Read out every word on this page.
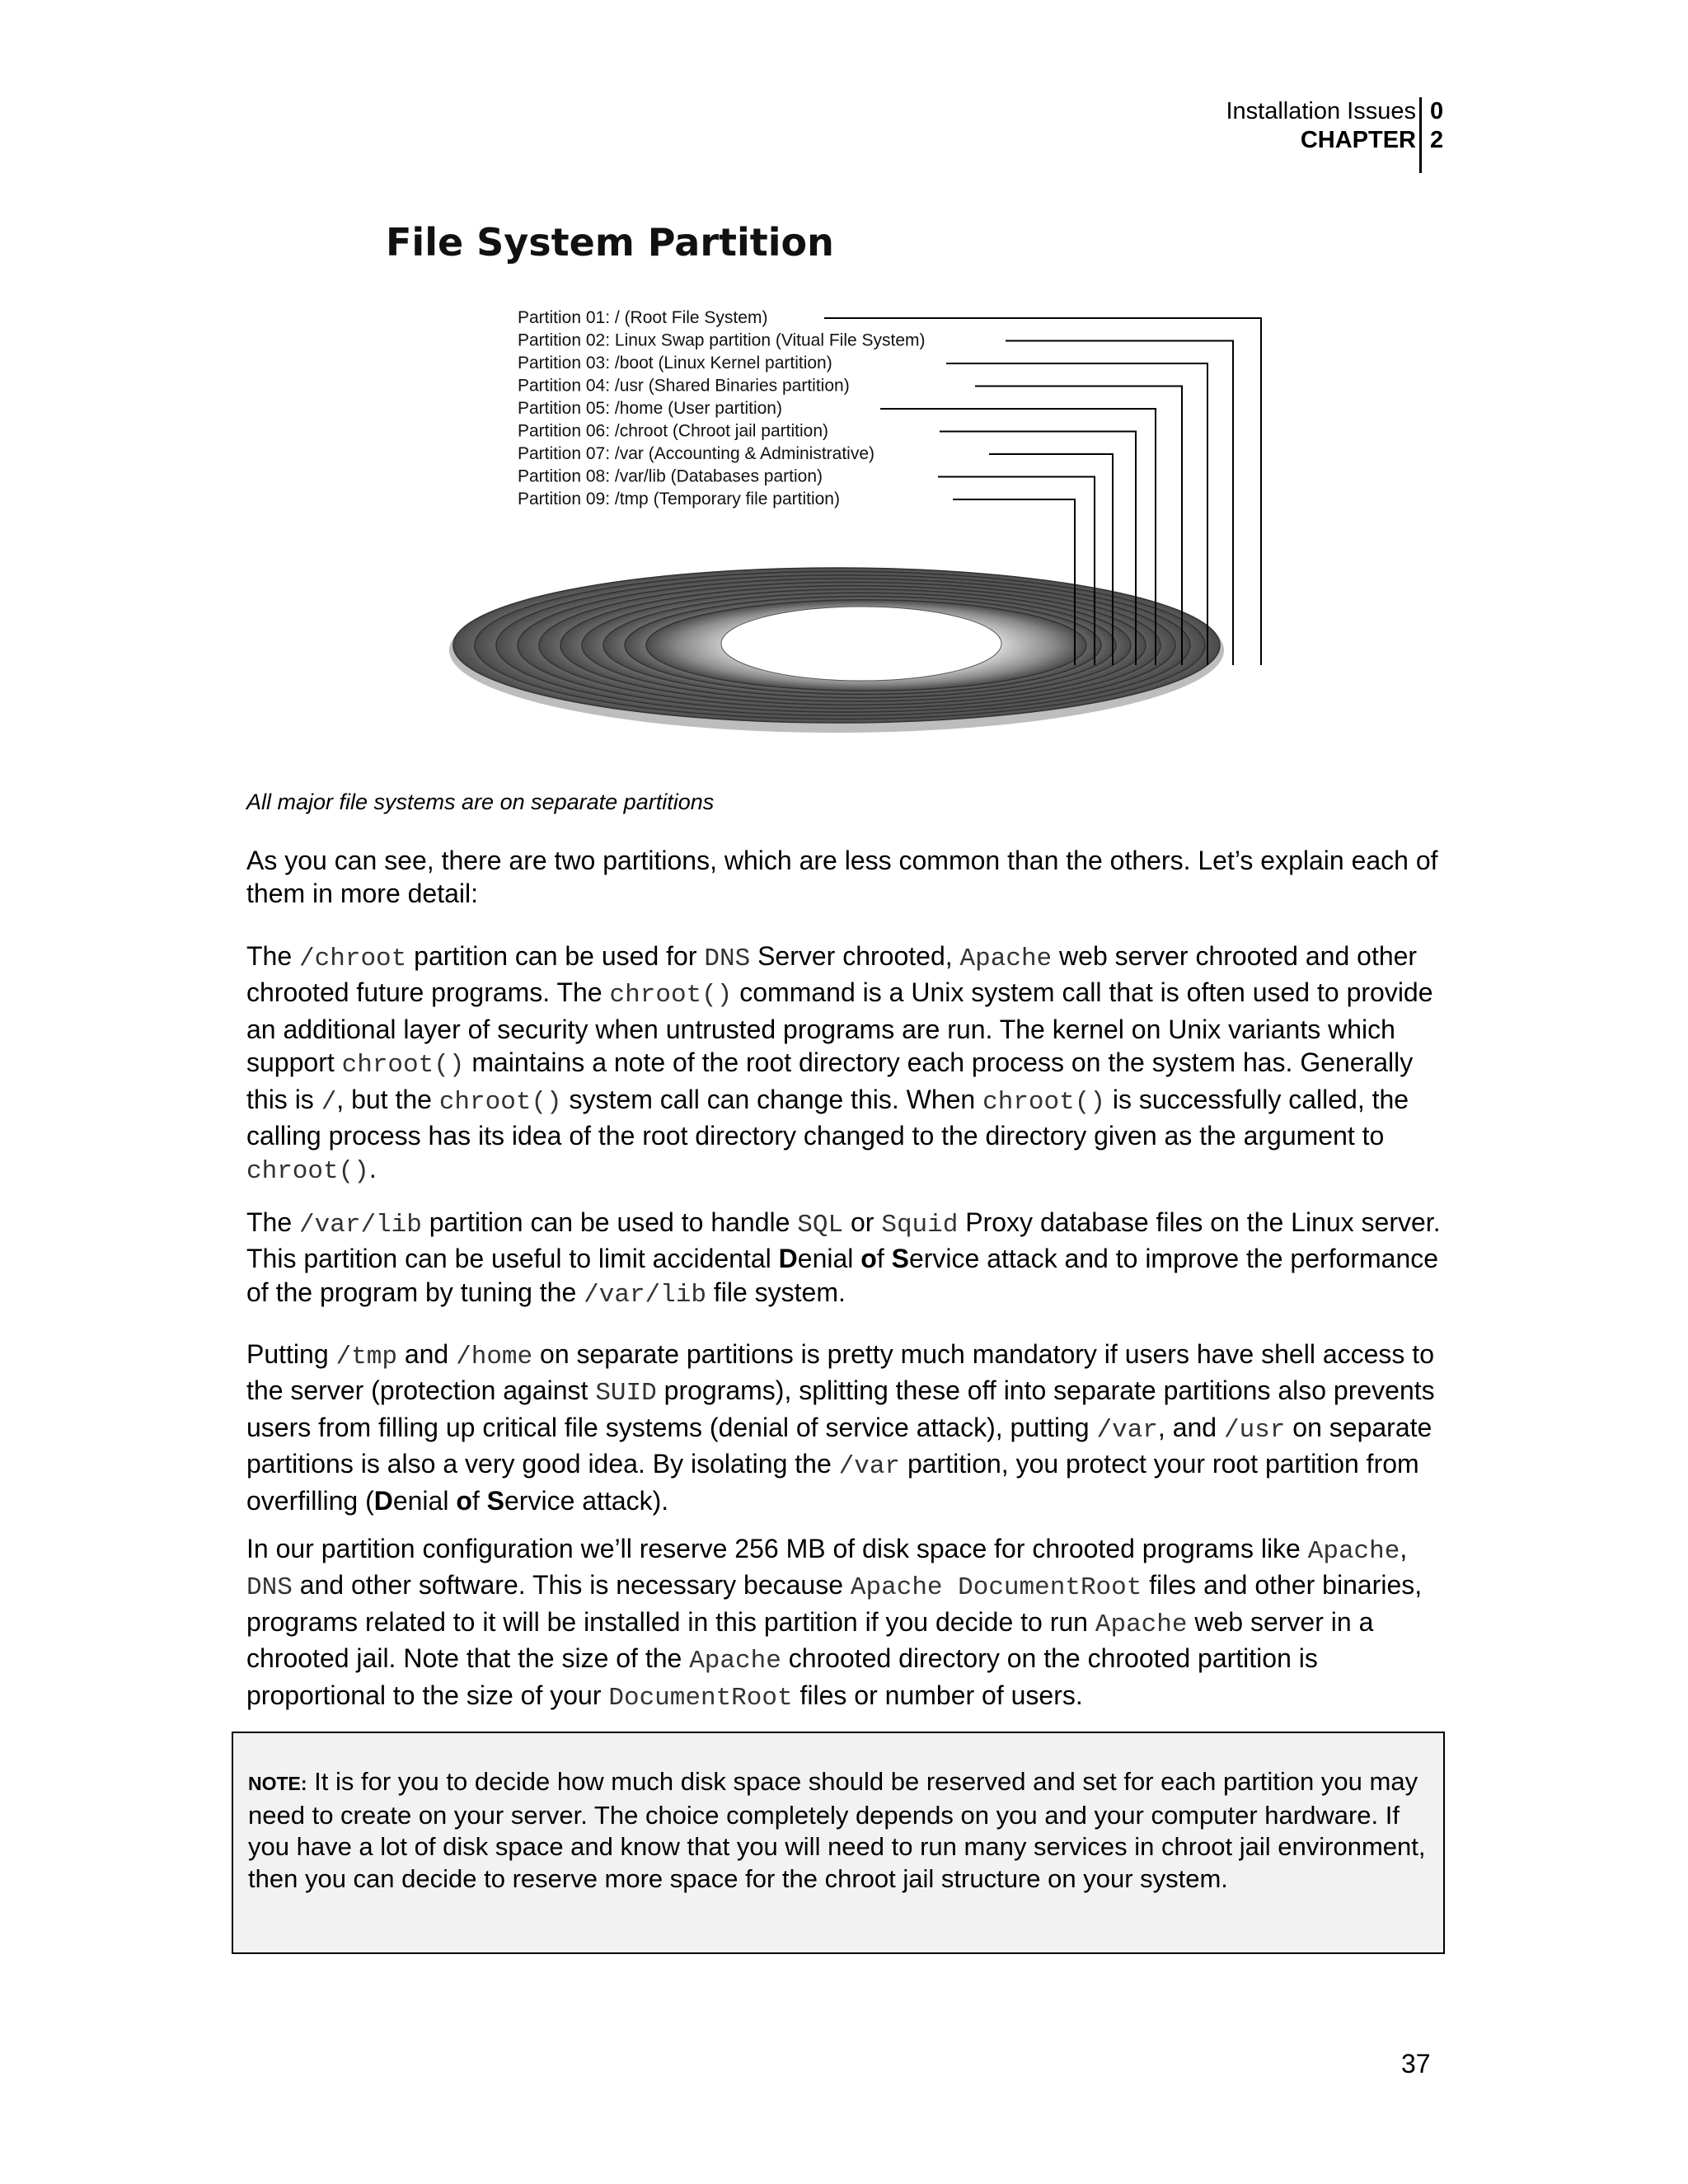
Installation Issues
CHAPTER
0
2
File System Partition
Partition 01: / (Root File System)
Partition 02: Linux Swap partition (Vitual File System)
Partition 03: /boot (Linux Kernel partition)
Partition 04: /usr (Shared Binaries partition)
Partition 05: /home (User partition)
Partition 06: /chroot (Chroot jail partition)
Partition 07: /var (Accounting & Administrative)
Partition 08: /var/lib (Databases partion)
Partition 09: /tmp (Temporary file partition)
All major file systems are on separate partitions

As you can see, there are two partitions, which are less common than the others. Let’s explain each of them in more detail:

The /chroot partition can be used for DNS Server chrooted, Apache web server chrooted and other chrooted future programs. The chroot() command is a Unix system call that is often used to provide an additional layer of security when untrusted programs are run. The kernel on Unix variants which support chroot() maintains a note of the root directory each process on the system has. Generally this is /, but the chroot() system call can change this. When chroot() is successfully called, the calling process has its idea of the root directory changed to the directory given as the argument to chroot().

The /var/lib partition can be used to handle SQL or Squid Proxy database files on the Linux server. This partition can be useful to limit accidental Denial of Service attack and to improve the performance of the program by tuning the /var/lib file system.

Putting /tmp and /home on separate partitions is pretty much mandatory if users have shell access to the server (protection against SUID programs), splitting these off into separate partitions also prevents users from filling up critical file systems (denial of service attack), putting /var, and /usr on separate partitions is also a very good idea. By isolating the /var partition, you protect your root partition from overfilling (Denial of Service attack).

In our partition configuration we’ll reserve 256 MB of disk space for chrooted programs like Apache, DNS and other software. This is necessary because Apache DocumentRoot files and other binaries, programs related to it will be installed in this partition if you decide to run Apache web server in a chrooted jail. Note that the size of the Apache chrooted directory on the chrooted partition is proportional to the size of your DocumentRoot files or number of users.

NOTE: It is for you to decide how much disk space should be reserved and set for each partition you may need to create on your server. The choice completely depends on you and your computer hardware. If you have a lot of disk space and know that you will need to run many services in chroot jail environment, then you can decide to reserve more space for the chroot jail structure on your system.
37
